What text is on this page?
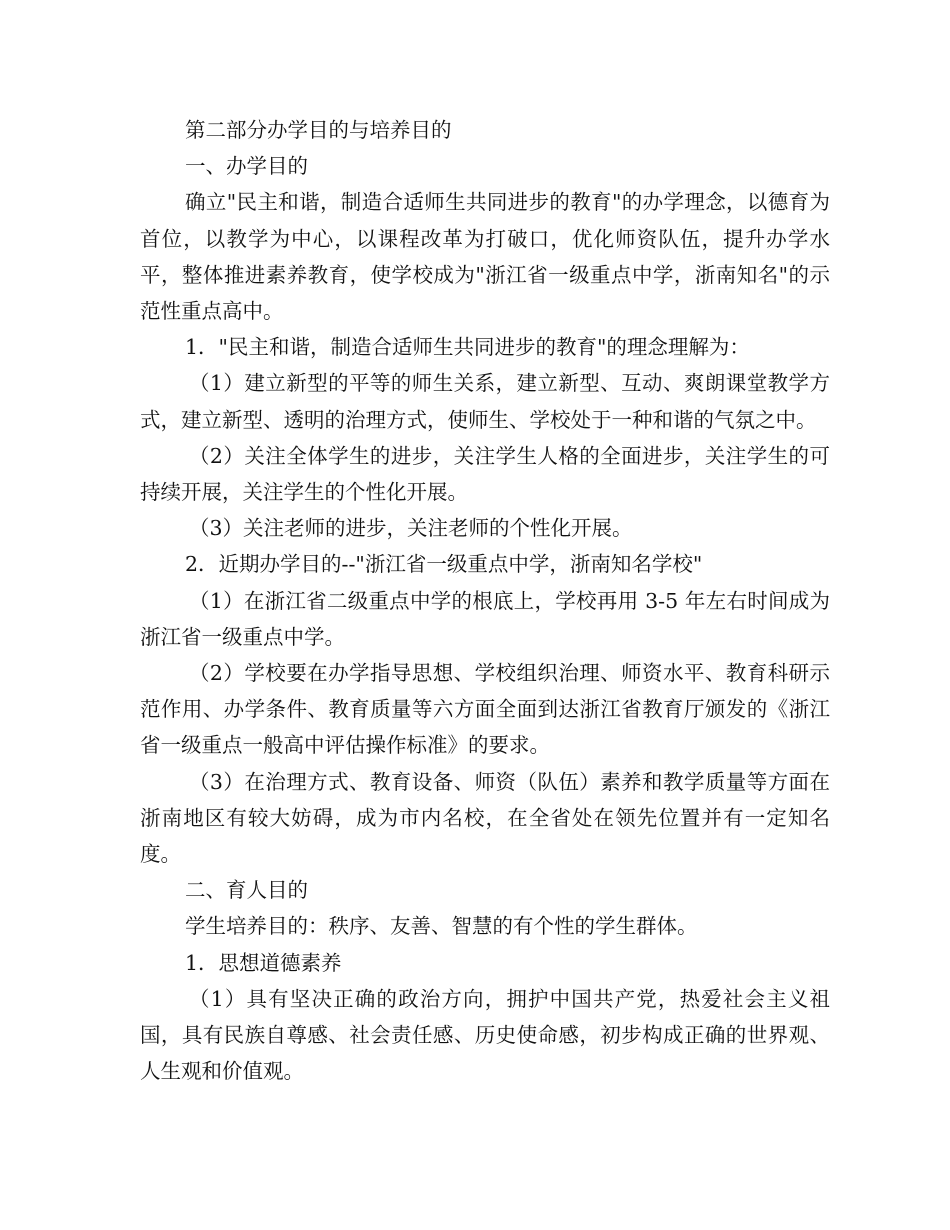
第二部分办学目的与培养目的

一、办学目的

确立"民主和谐，制造合适师生共同进步的教育"的办学理念，以德育为首位，以教学为中心，以课程改革为打破口，优化师资队伍，提升办学水平，整体推进素养教育，使学校成为"浙江省一级重点中学，浙南知名"的示范性重点高中。

1．"民主和谐，制造合适师生共同进步的教育"的理念理解为：

（1）建立新型的平等的师生关系，建立新型、互动、爽朗课堂教学方式，建立新型、透明的治理方式，使师生、学校处于一种和谐的气氛之中。

（2）关注全体学生的进步，关注学生人格的全面进步，关注学生的可持续开展，关注学生的个性化开展。

（3）关注老师的进步，关注老师的个性化开展。

2．近期办学目的--"浙江省一级重点中学，浙南知名学校"

（1）在浙江省二级重点中学的根底上，学校再用 3-5 年左右时间成为浙江省一级重点中学。

（2）学校要在办学指导思想、学校组织治理、师资水平、教育科研示范作用、办学条件、教育质量等六方面全面到达浙江省教育厅颁发的《浙江省一级重点一般高中评估操作标准》的要求。

（3）在治理方式、教育设备、师资（队伍）素养和教学质量等方面在浙南地区有较大妨碍，成为市内名校，在全省处在领先位置并有一定知名度。

二、育人目的

学生培养目的：秩序、友善、智慧的有个性的学生群体。

1．思想道德素养

（1）具有坚决正确的政治方向，拥护中国共产党，热爱社会主义祖国，具有民族自尊感、社会责任感、历史使命感，初步构成正确的世界观、人生观和价值观。
